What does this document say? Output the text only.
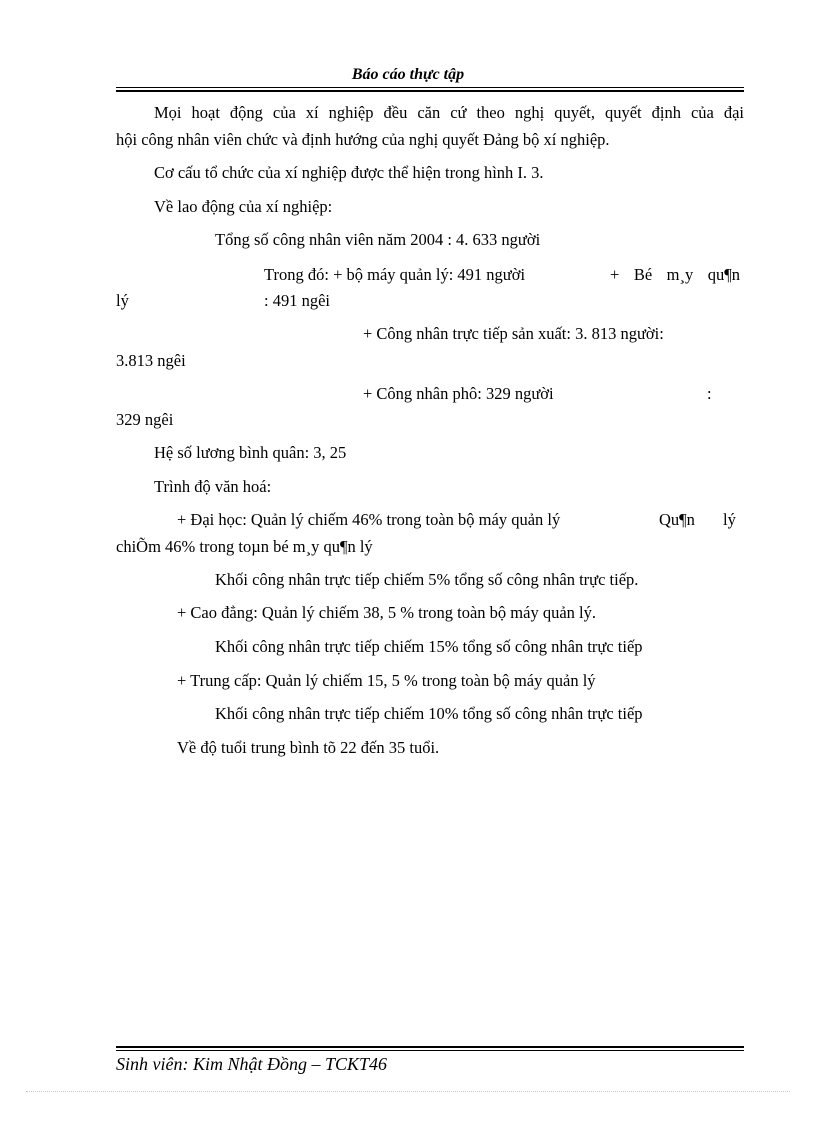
Báo cáo thực tập
Mọi hoạt động của xí nghiệp đều căn cứ theo nghị quyết, quyết định của đại
hội công nhân viên chức và định hướng của nghị quyết Đảng bộ xí nghiệp.
Cơ cấu tổ chức của xí nghiệp được thể hiện trong hình I. 3.
Về lao động của xí nghiệp:
Tổng số công nhân viên năm 2004 : 4. 633 người
Trong đó: + bộ máy quản lý: 491 người	+ Bé m¸y qu¶n
lý	: 491 ngêi
+ Công nhân trực tiếp sản xuất: 3. 813 người:
3.813 ngêi
+ Công nhân phô: 329 người	:
329 ngêi
Hệ số lương bình quân: 3, 25
Trình độ văn hoá:
+ Đại học: Quản lý chiếm 46% trong toàn bộ máy quản lý	Qu¶n lý
chiÕm 46% trong toµn bé m¸y qu¶n lý
Khối công nhân trực tiếp chiếm 5% tổng số công nhân trực tiếp.
+ Cao đẳng: Quản lý chiếm 38, 5 % trong toàn bộ máy quản lý.
Khối công nhân trực tiếp chiếm 15% tổng số công nhân trực tiếp
+ Trung cấp: Quản lý chiếm 15, 5 % trong toàn bộ máy quản lý
Khối công nhân trực tiếp chiếm 10% tổng số công nhân trực tiếp
Về độ tuổi trung bình tõ 22 đến 35 tuổi.
Sinh viên: Kim Nhật Đồng – TCKT46
